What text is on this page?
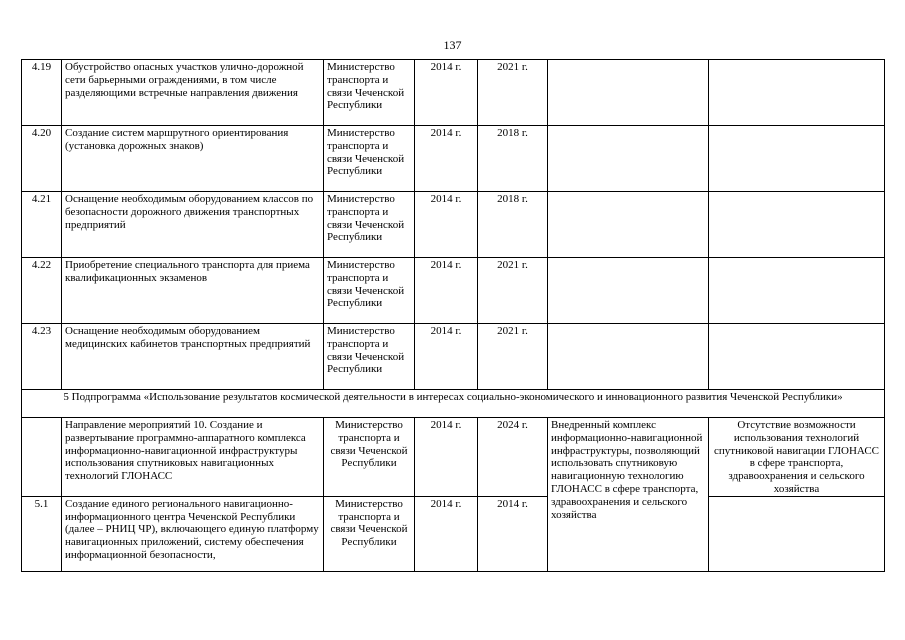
137
4.19	Обустройство опасных участков улично-дорожной сети барьерными ограждениями, в том числе разделяющими встречные направления движения	Министерство транспорта и связи Чеченской Республики	2014 г.	2021 г.		
4.20	Создание систем маршрутного ориентирования (установка дорожных знаков)	Министерство транспорта и связи Чеченской Республики	2014 г.	2018 г.		
4.21	Оснащение необходимым оборудованием классов по безопасности дорожного движения транспортных предприятий	Министерство транспорта и связи Чеченской Республики	2014 г.	2018 г.		
4.22	Приобретение специального транспорта для приема квалификационных экзаменов	Министерство транспорта и связи Чеченской Республики	2014 г.	2021 г.		
4.23	Оснащение необходимым оборудованием медицинских кабинетов транспортных предприятий	Министерство транспорта и связи Чеченской Республики	2014 г.	2021 г.		
5 Подпрограмма «Использование результатов космической деятельности в интересах социально-экономического и инновационного развития Чеченской Республики»						
	Направление мероприятий 10. Создание и развертывание программно-аппаратного комплекса информационно-навигационной инфраструктуры использования спутниковых навигационных технологий ГЛОНАСС	Министерство транспорта и связи Чеченской Республики	2014 г.	2024 г.	Внедренный комплекс информационно-навигационной инфраструктуры, позволяющий использовать спутниковую навигационную технологию ГЛОНАСС в сфере транспорта, здравоохранения и сельского хозяйства	Отсутствие возможности использования технологий спутниковой навигации ГЛОНАСС в сфере транспорта, здравоохранения и сельского хозяйства
5.1	Создание единого регионального навигационно-информационного центра Чеченской Республики (далее – РНИЦ ЧР), включающего единую платформу навигационных приложений, систему обеспечения информационной безопасности,	Министерство транспорта и связи Чеченской Республики	2014 г.	2014 г.		
